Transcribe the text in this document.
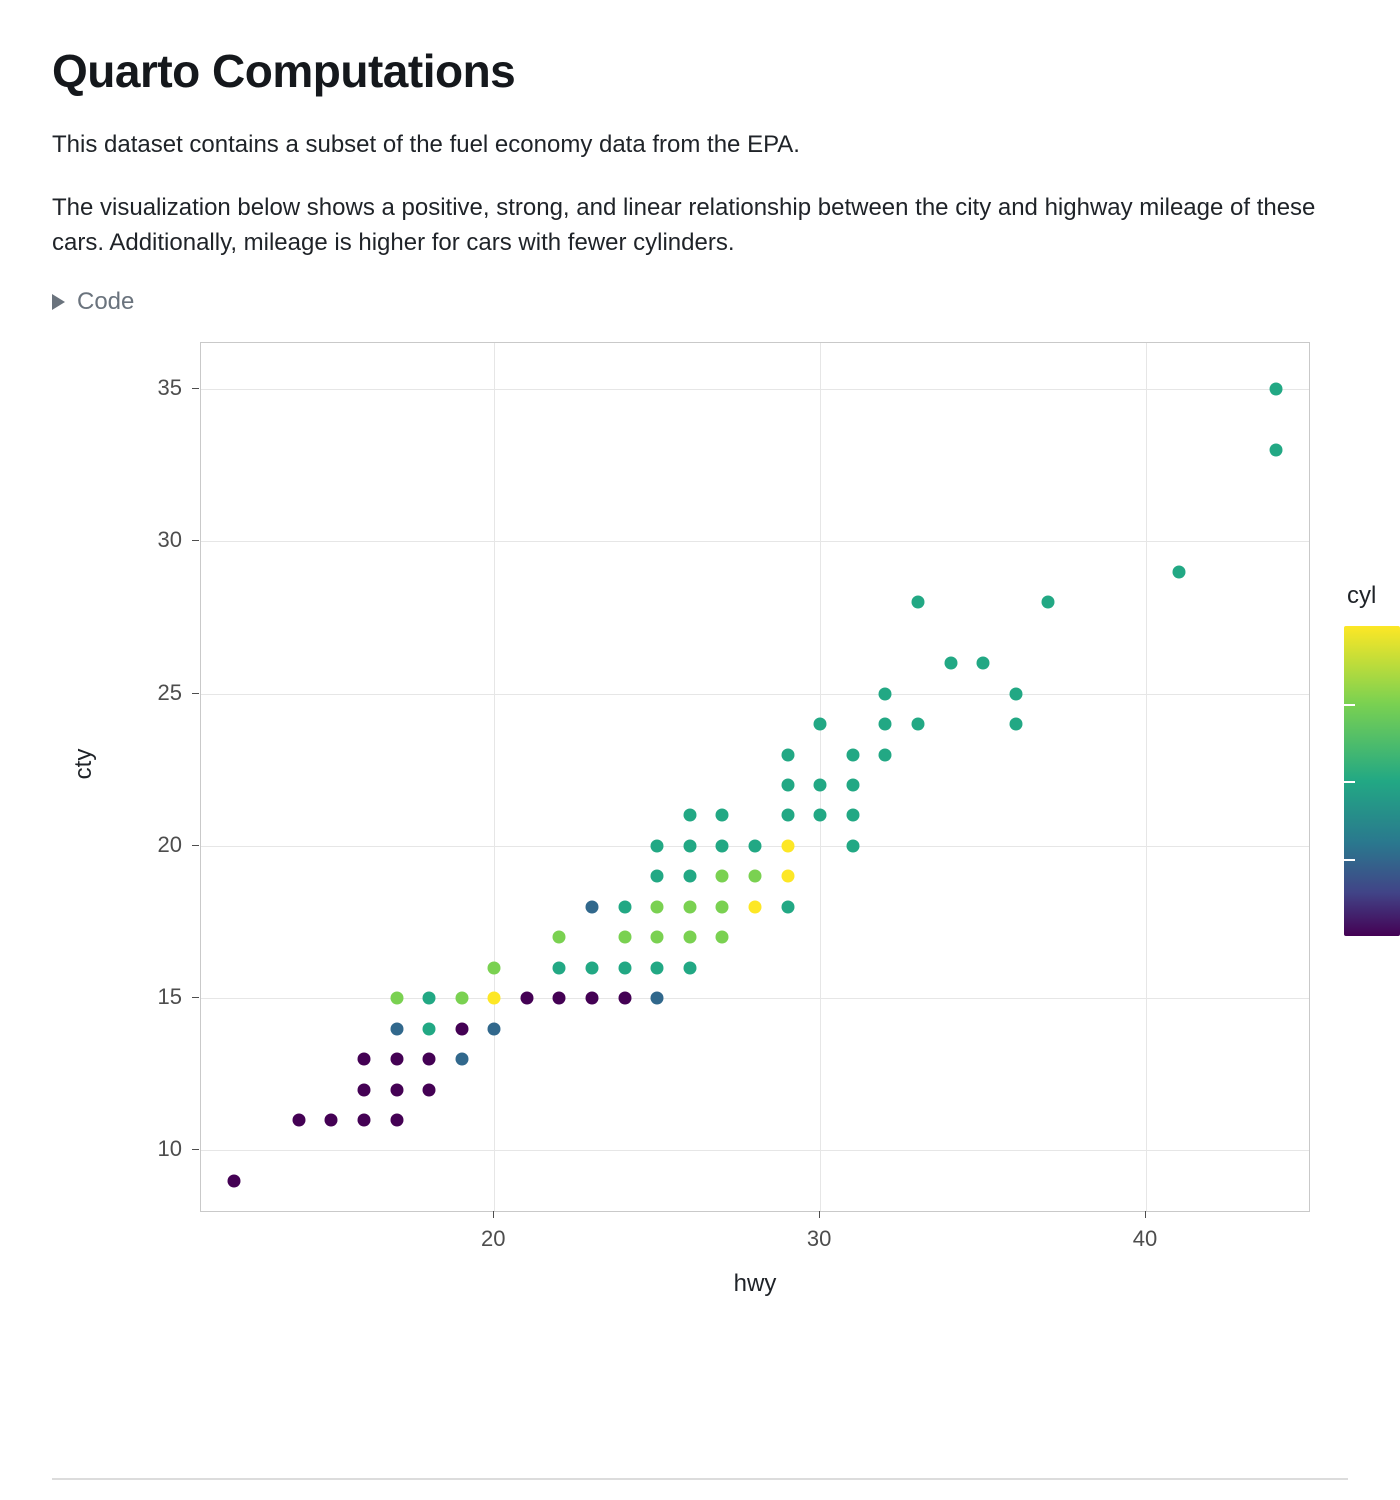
Quarto Computations

This dataset contains a subset of the fuel economy data from the EPA.

The visualization below shows a positive, strong, and linear relationship between the city and highway mileage of these cars. Additionally, mileage is higher for cars with fewer cylinders.

Code
10
15
20
25
30
35
20	30	40
cty
hwy
cyl
